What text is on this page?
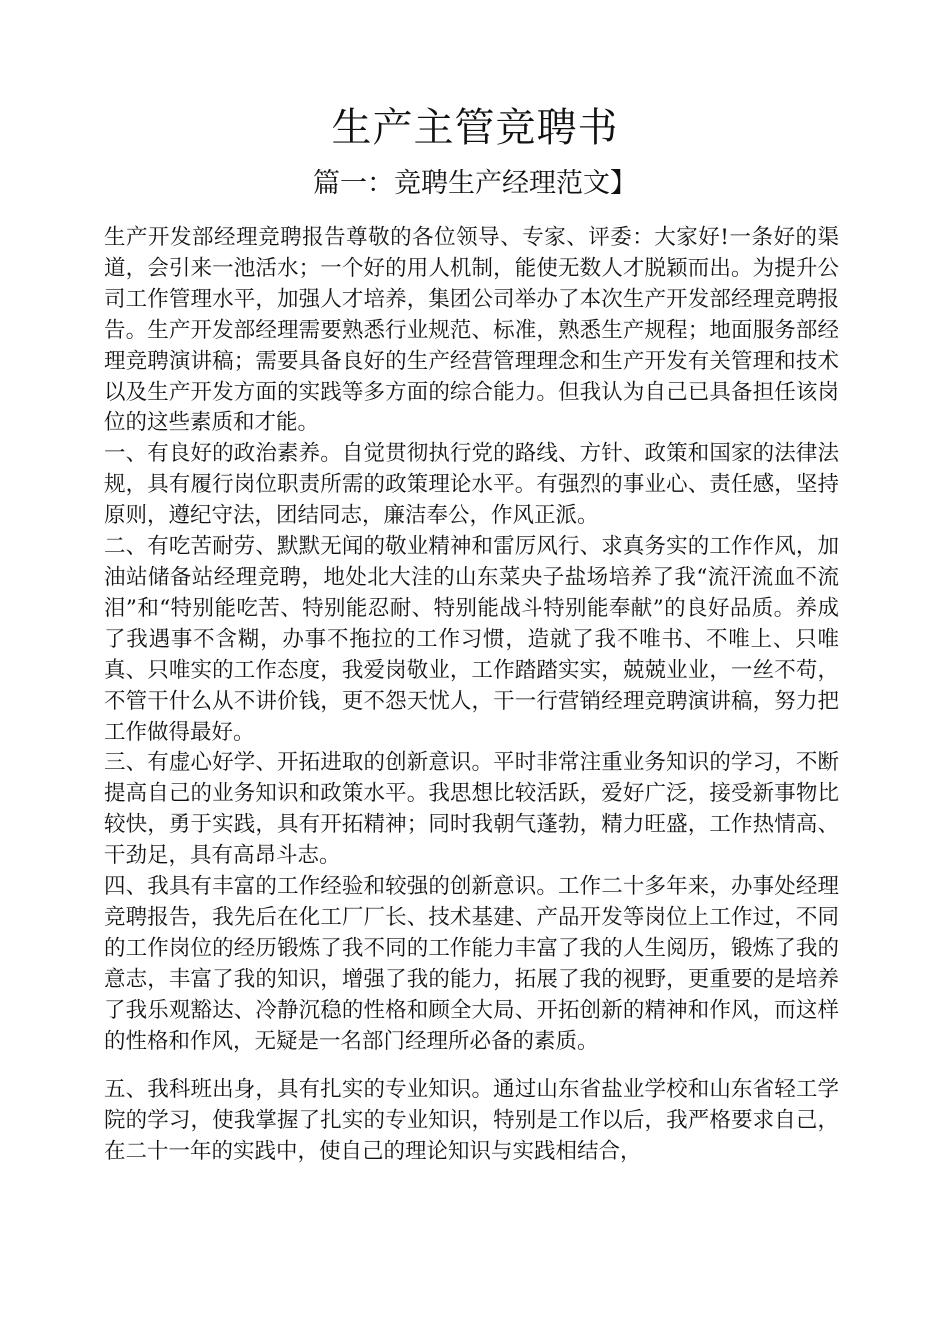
生产主管竞聘书
篇一：竞聘生产经理范文】

生产开发部经理竞聘报告尊敬的各位领导、专家、评委：大家好!一条好的渠道，会引来一池活水；一个好的用人机制，能使无数人才脱颖而出。为提升公司工作管理水平，加强人才培养，集团公司举办了本次生产开发部经理竞聘报告。生产开发部经理需要熟悉行业规范、标准，熟悉生产规程；地面服务部经理竞聘演讲稿；需要具备良好的生产经营管理理念和生产开发有关管理和技术以及生产开发方面的实践等多方面的综合能力。但我认为自己已具备担任该岗位的这些素质和才能。

一、有良好的政治素养。自觉贯彻执行党的路线、方针、政策和国家的法律法规，具有履行岗位职责所需的政策理论水平。有强烈的事业心、责任感，坚持原则，遵纪守法，团结同志，廉洁奉公，作风正派。

二、有吃苦耐劳、默默无闻的敬业精神和雷厉风行、求真务实的工作作风，加油站储备站经理竞聘，地处北大洼的山东菜央子盐场培养了我“流汗流血不流泪”和“特别能吃苦、特别能忍耐、特别能战斗特别能奉献”的良好品质。养成了我遇事不含糊，办事不拖拉的工作习惯，造就了我不唯书、不唯上、只唯真、只唯实的工作态度，我爱岗敬业，工作踏踏实实，兢兢业业，一丝不苟，不管干什么从不讲价钱，更不怨天忧人，干一行营销经理竞聘演讲稿，努力把工作做得最好。

三、有虚心好学、开拓进取的创新意识。平时非常注重业务知识的学习，不断提高自己的业务知识和政策水平。我思想比较活跃，爱好广泛，接受新事物比较快，勇于实践，具有开拓精神；同时我朝气蓬勃，精力旺盛，工作热情高、干劲足，具有高昂斗志。

四、我具有丰富的工作经验和较强的创新意识。工作二十多年来，办事处经理竞聘报告，我先后在化工厂厂长、技术基建、产品开发等岗位上工作过，不同的工作岗位的经历锻炼了我不同的工作能力丰富了我的人生阅历，锻炼了我的意志，丰富了我的知识，增强了我的能力，拓展了我的视野，更重要的是培养了我乐观豁达、冷静沉稳的性格和顾全大局、开拓创新的精神和作风，而这样的性格和作风，无疑是一名部门经理所必备的素质。

五、我科班出身，具有扎实的专业知识。通过山东省盐业学校和山东省轻工学院的学习，使我掌握了扎实的专业知识，特别是工作以后，我严格要求自己，在二十一年的实践中，使自己的理论知识与实践相结合，
